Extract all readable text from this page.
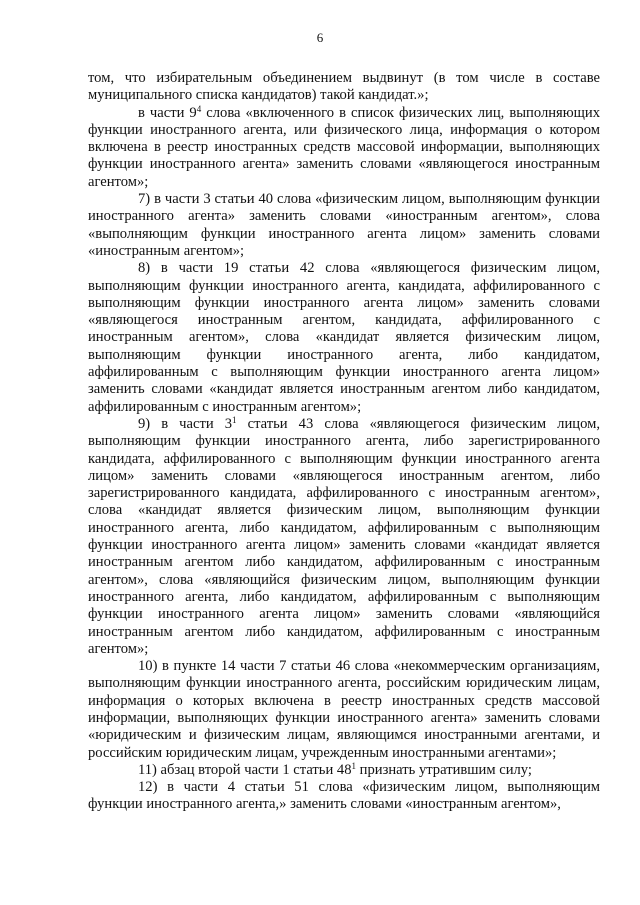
6

том, что избирательным объединением выдвинут (в том числе в составе муниципального списка кандидатов) такой кандидат.»;

в части $9^4$ слова «включенного в список физических лиц, выполняющих функции иностранного агента, или физического лица, информация о котором включена в реестр иностранных средств массовой информации, выполняющих функции иностранного агента» заменить словами «являющегося иностранным агентом»;

7) в части 3 статьи 40 слова «физическим лицом, выполняющим функции иностранного агента» заменить словами «иностранным агентом», слова «выполняющим функции иностранного агента лицом» заменить словами «иностранным агентом»;

8) в части 19 статьи 42 слова «являющегося физическим лицом, выполняющим функции иностранного агента, кандидата, аффилированного с выполняющим функции иностранного агента лицом» заменить словами «являющегося иностранным агентом, кандидата, аффилированного с иностранным агентом», слова «кандидат является физическим лицом, выполняющим функции иностранного агента, либо кандидатом, аффилированным с выполняющим функции иностранного агента лицом» заменить словами «кандидат является иностранным агентом либо кандидатом, аффилированным с иностранным агентом»;

9) в части $3^1$ статьи 43 слова «являющегося физическим лицом, выполняющим функции иностранного агента, либо зарегистрированного кандидата, аффилированного с выполняющим функции иностранного агента лицом» заменить словами «являющегося иностранным агентом, либо зарегистрированного кандидата, аффилированного с иностранным агентом», слова «кандидат является физическим лицом, выполняющим функции иностранного агента, либо кандидатом, аффилированным с выполняющим функции иностранного агента лицом» заменить словами «кандидат является иностранным агентом либо кандидатом, аффилированным с иностранным агентом», слова «являющийся физическим лицом, выполняющим функции иностранного агента, либо кандидатом, аффилированным с выполняющим функции иностранного агента лицом» заменить словами «являющийся иностранным агентом либо кандидатом, аффилированным с иностранным агентом»;

10) в пункте 14 части 7 статьи 46 слова «некоммерческим организациям, выполняющим функции иностранного агента, российским юридическим лицам, информация о которых включена в реестр иностранных средств массовой информации, выполняющих функции иностранного агента» заменить словами «юридическим и физическим лицам, являющимся иностранными агентами, и российским юридическим лицам, учрежденным иностранными агентами»;

11) абзац второй части 1 статьи $48^1$ признать утратившим силу;

12) в части 4 статьи 51 слова «физическим лицом, выполняющим функции иностранного агента,» заменить словами «иностранным агентом»,
